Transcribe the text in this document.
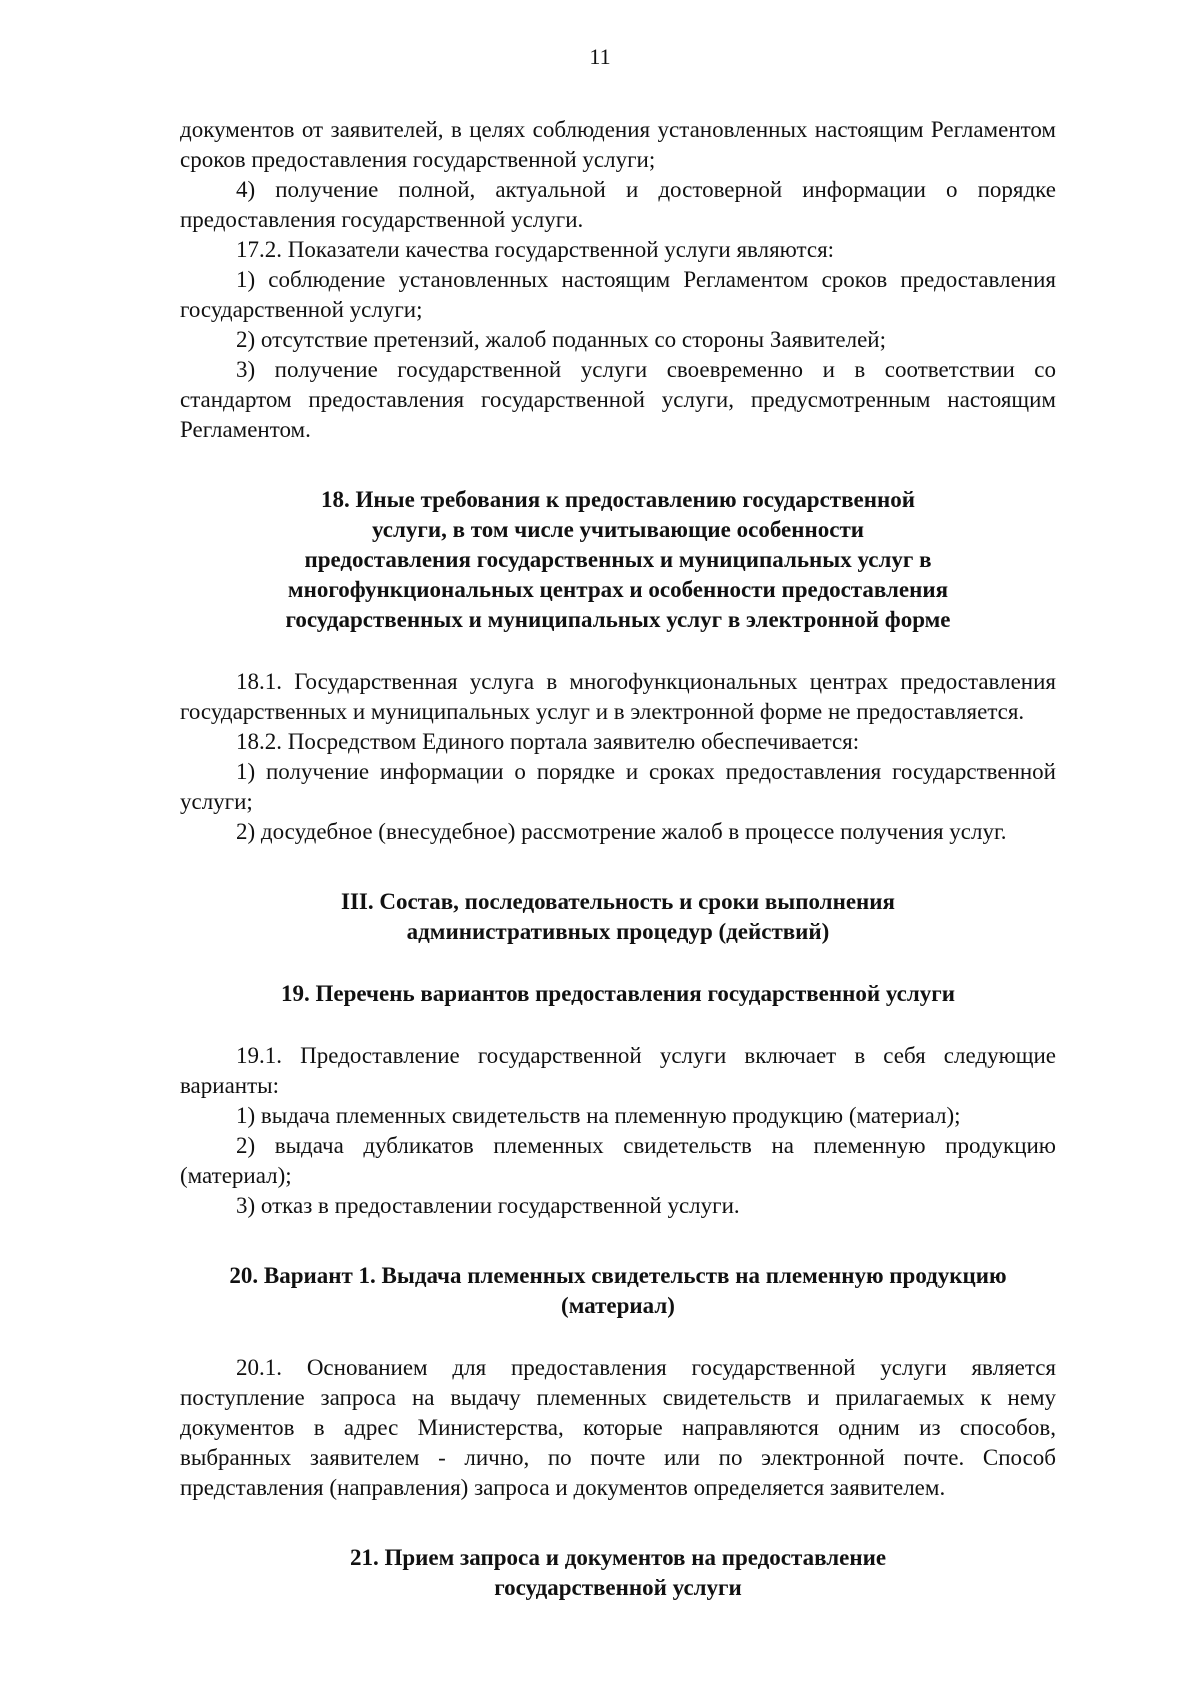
11

документов от заявителей, в целях соблюдения установленных настоящим Регламентом сроков предоставления государственной услуги;

4) получение полной, актуальной и достоверной информации о порядке предоставления государственной услуги.

17.2. Показатели качества государственной услуги являются:

1) соблюдение установленных настоящим Регламентом сроков предоставления государственной услуги;

2) отсутствие претензий, жалоб поданных со стороны Заявителей;

3) получение государственной услуги своевременно и в соответствии со стандартом предоставления государственной услуги, предусмотренным настоящим Регламентом.

18. Иные требования к предоставлению государственной
услуги, в том числе учитывающие особенности
предоставления государственных и муниципальных услуг в
многофункциональных центрах и особенности предоставления
государственных и муниципальных услуг в электронной форме

18.1. Государственная услуга в многофункциональных центрах предоставления государственных и муниципальных услуг и в электронной форме не предоставляется.

18.2. Посредством Единого портала заявителю обеспечивается:

1) получение информации о порядке и сроках предоставления государственной услуги;

2) досудебное (внесудебное) рассмотрение жалоб в процессе получения услуг.

III. Состав, последовательность и сроки выполнения
административных процедур (действий)
19. Перечень вариантов предоставления государственной услуги

19.1. Предоставление государственной услуги включает в себя следующие варианты:

1) выдача племенных свидетельств на племенную продукцию (материал);

2) выдача дубликатов племенных свидетельств на племенную продукцию (материал);

3) отказ в предоставлении государственной услуги.

20. Вариант 1. Выдача племенных свидетельств на племенную продукцию
(материал)

20.1. Основанием для предоставления государственной услуги является поступление запроса на выдачу племенных свидетельств и прилагаемых к нему документов в адрес Министерства, которые направляются одним из способов, выбранных заявителем - лично, по почте или по электронной почте. Способ представления (направления) запроса и документов определяется заявителем.

21. Прием запроса и документов на предоставление
государственной услуги
